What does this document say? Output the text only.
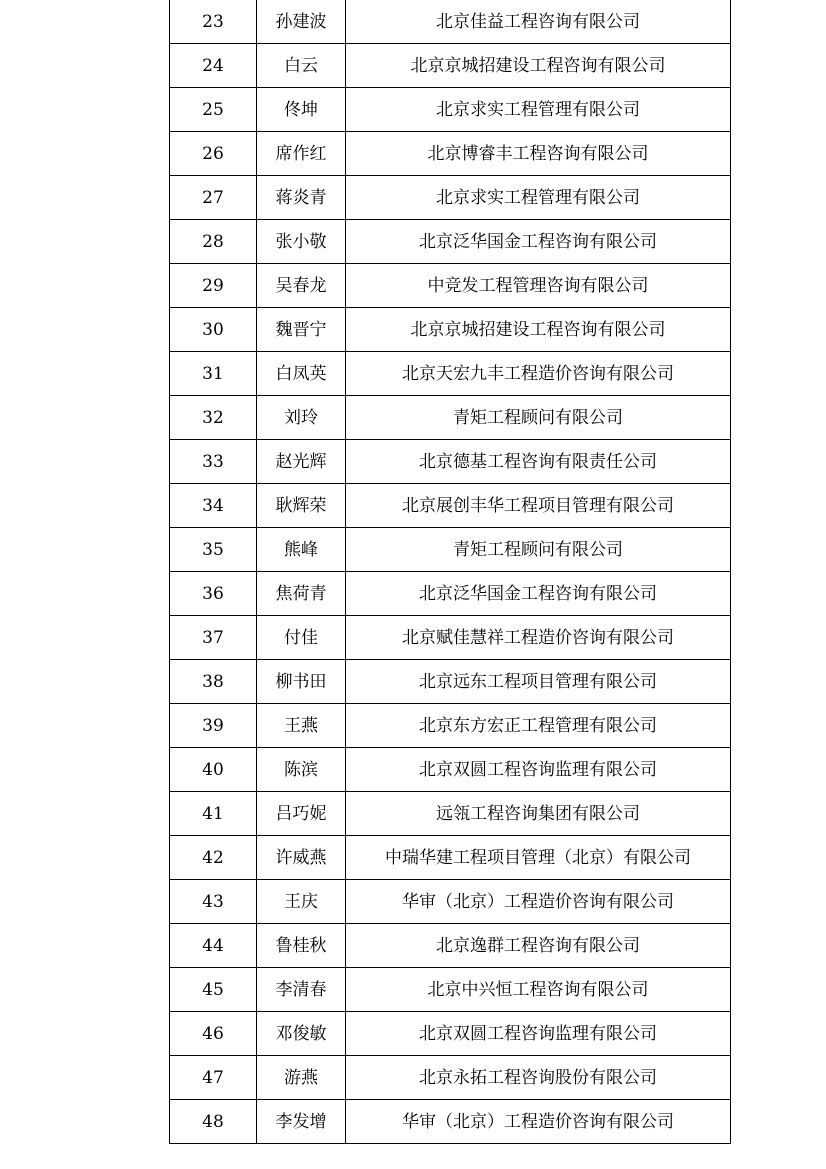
23	孙建波	北京佳益工程咨询有限公司
24	白云	北京京城招建设工程咨询有限公司
25	佟坤	北京求实工程管理有限公司
26	席作红	北京博睿丰工程咨询有限公司
27	蒋炎青	北京求实工程管理有限公司
28	张小敬	北京泛华国金工程咨询有限公司
29	吴春龙	中竞发工程管理咨询有限公司
30	魏晋宁	北京京城招建设工程咨询有限公司
31	白凤英	北京天宏九丰工程造价咨询有限公司
32	刘玲	青矩工程顾问有限公司
33	赵光辉	北京德基工程咨询有限责任公司
34	耿辉荣	北京展创丰华工程项目管理有限公司
35	熊峰	青矩工程顾问有限公司
36	焦荷青	北京泛华国金工程咨询有限公司
37	付佳	北京赋佳慧祥工程造价咨询有限公司
38	柳书田	北京远东工程项目管理有限公司
39	王燕	北京东方宏正工程管理有限公司
40	陈滨	北京双圆工程咨询监理有限公司
41	吕巧妮	远瓴工程咨询集团有限公司
42	许威燕	中瑞华建工程项目管理（北京）有限公司
43	王庆	华审（北京）工程造价咨询有限公司
44	鲁桂秋	北京逸群工程咨询有限公司
45	李清春	北京中兴恒工程咨询有限公司
46	邓俊敏	北京双圆工程咨询监理有限公司
47	游燕	北京永拓工程咨询股份有限公司
48	李发增	华审（北京）工程造价咨询有限公司
